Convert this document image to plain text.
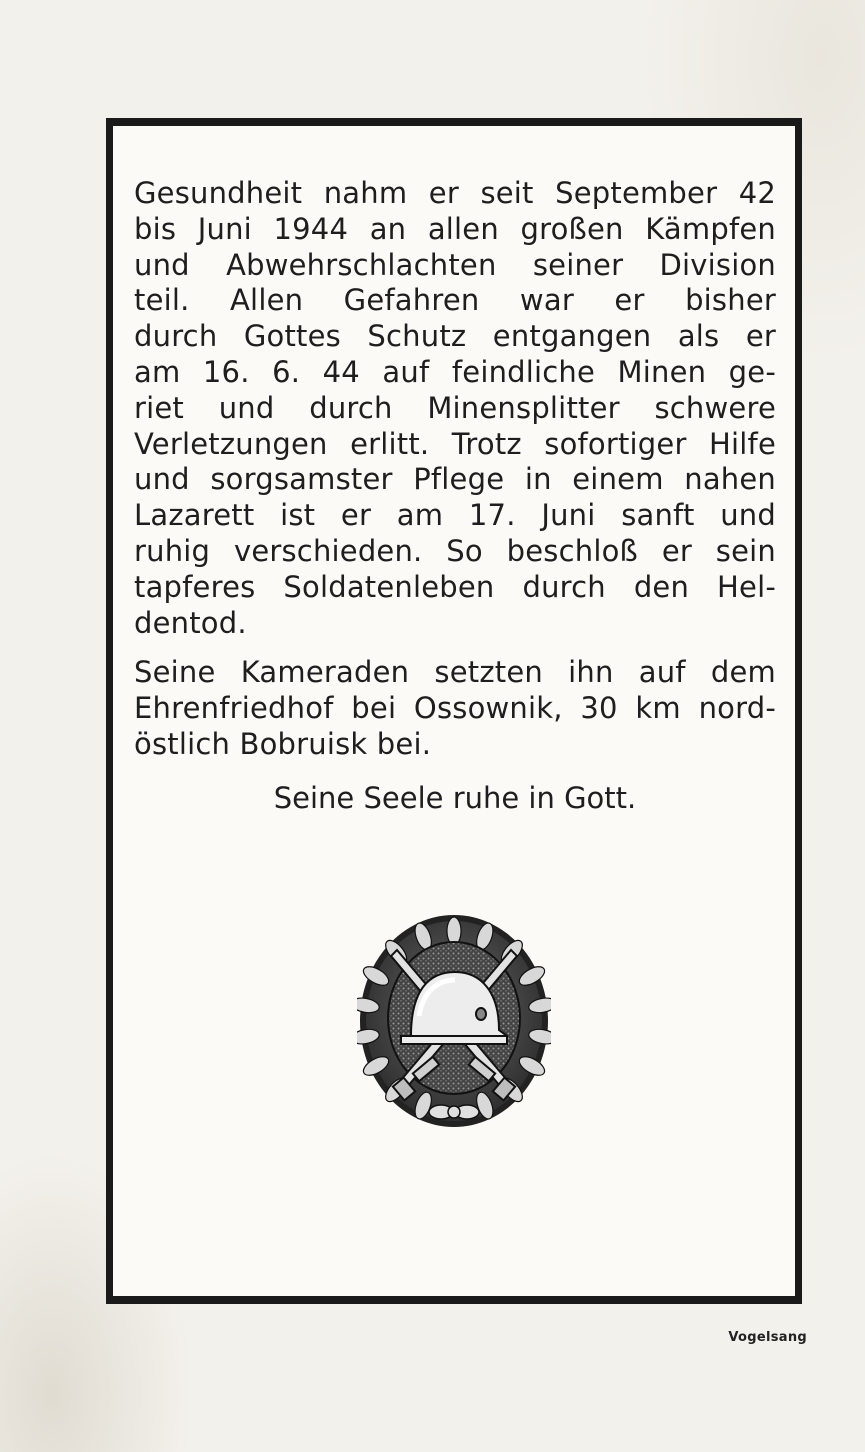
Gesundheit nahm er seit September 42
bis Juni 1944 an allen großen Kämpfen
und Abwehrschlachten seiner Division
teil. Allen Gefahren war er bisher
durch Gottes Schutz entgangen als er
am 16. 6. 44 auf feindliche Minen ge-
riet und durch Minensplitter schwere
Verletzungen erlitt. Trotz sofortiger Hilfe
und sorgsamster Pflege in einem nahen
Lazarett ist er am 17. Juni sanft und
ruhig verschieden. So beschloß er sein
tapferes Soldatenleben durch den Hel-
dentod.
Seine Kameraden setzten ihn auf dem
Ehrenfriedhof bei Ossownik, 30 km nord-
östlich Bobruisk bei.
Seine Seele ruhe in Gott.
Vogelsang
